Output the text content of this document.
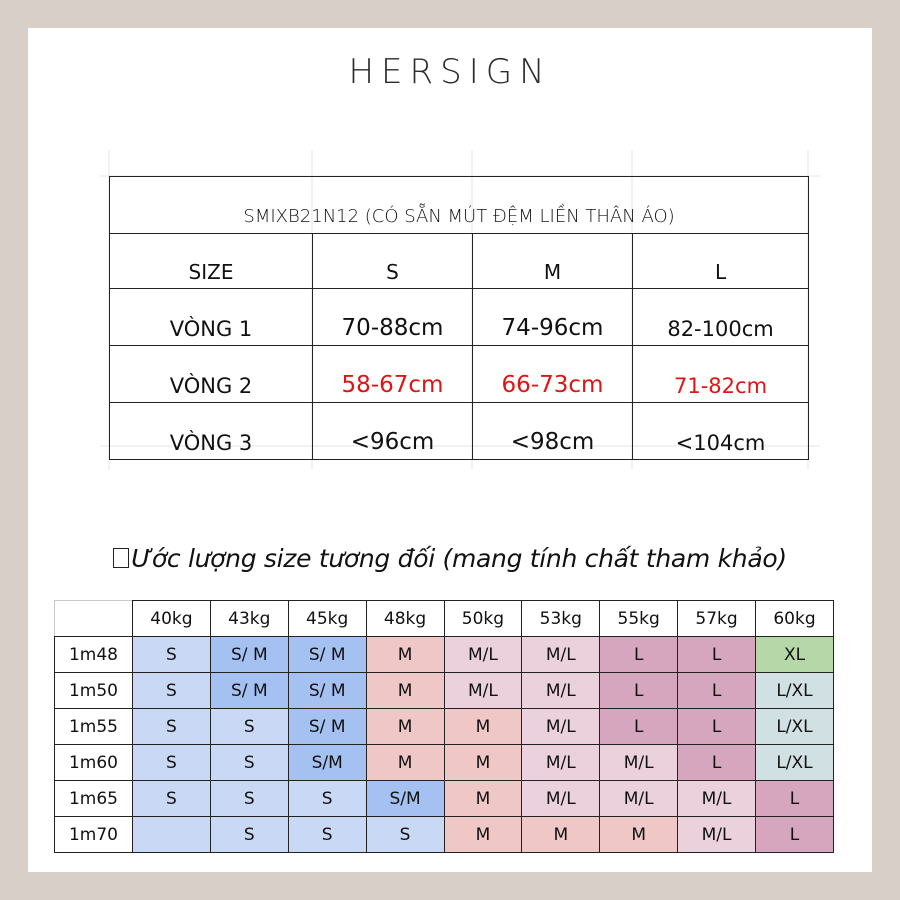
HERSIGN
SMIXB21N12 (CÓ SẴN MÚT ĐỆM LIỀN THÂN ÁO)			
SIZE	S	M	L
VÒNG 1	70-88cm	74-96cm	82-100cm
VÒNG 2	58-67cm	66-73cm	71-82cm
VÒNG 3	<96cm	<98cm	<104cm
Ước lượng size tương đối (mang tính chất tham khảo)
	40kg	43kg	45kg	48kg	50kg	53kg	55kg	57kg	60kg
1m48	S	S/ M	S/ M	M	M/L	M/L	L	L	XL
1m50	S	S/ M	S/ M	M	M/L	M/L	L	L	L/XL
1m55	S	S	S/ M	M	M	M/L	L	L	L/XL
1m60	S	S	S/M	M	M	M/L	M/L	L	L/XL
1m65	S	S	S	S/M	M	M/L	M/L	M/L	L
1m70		S	S	S	M	M	M	M/L	L
